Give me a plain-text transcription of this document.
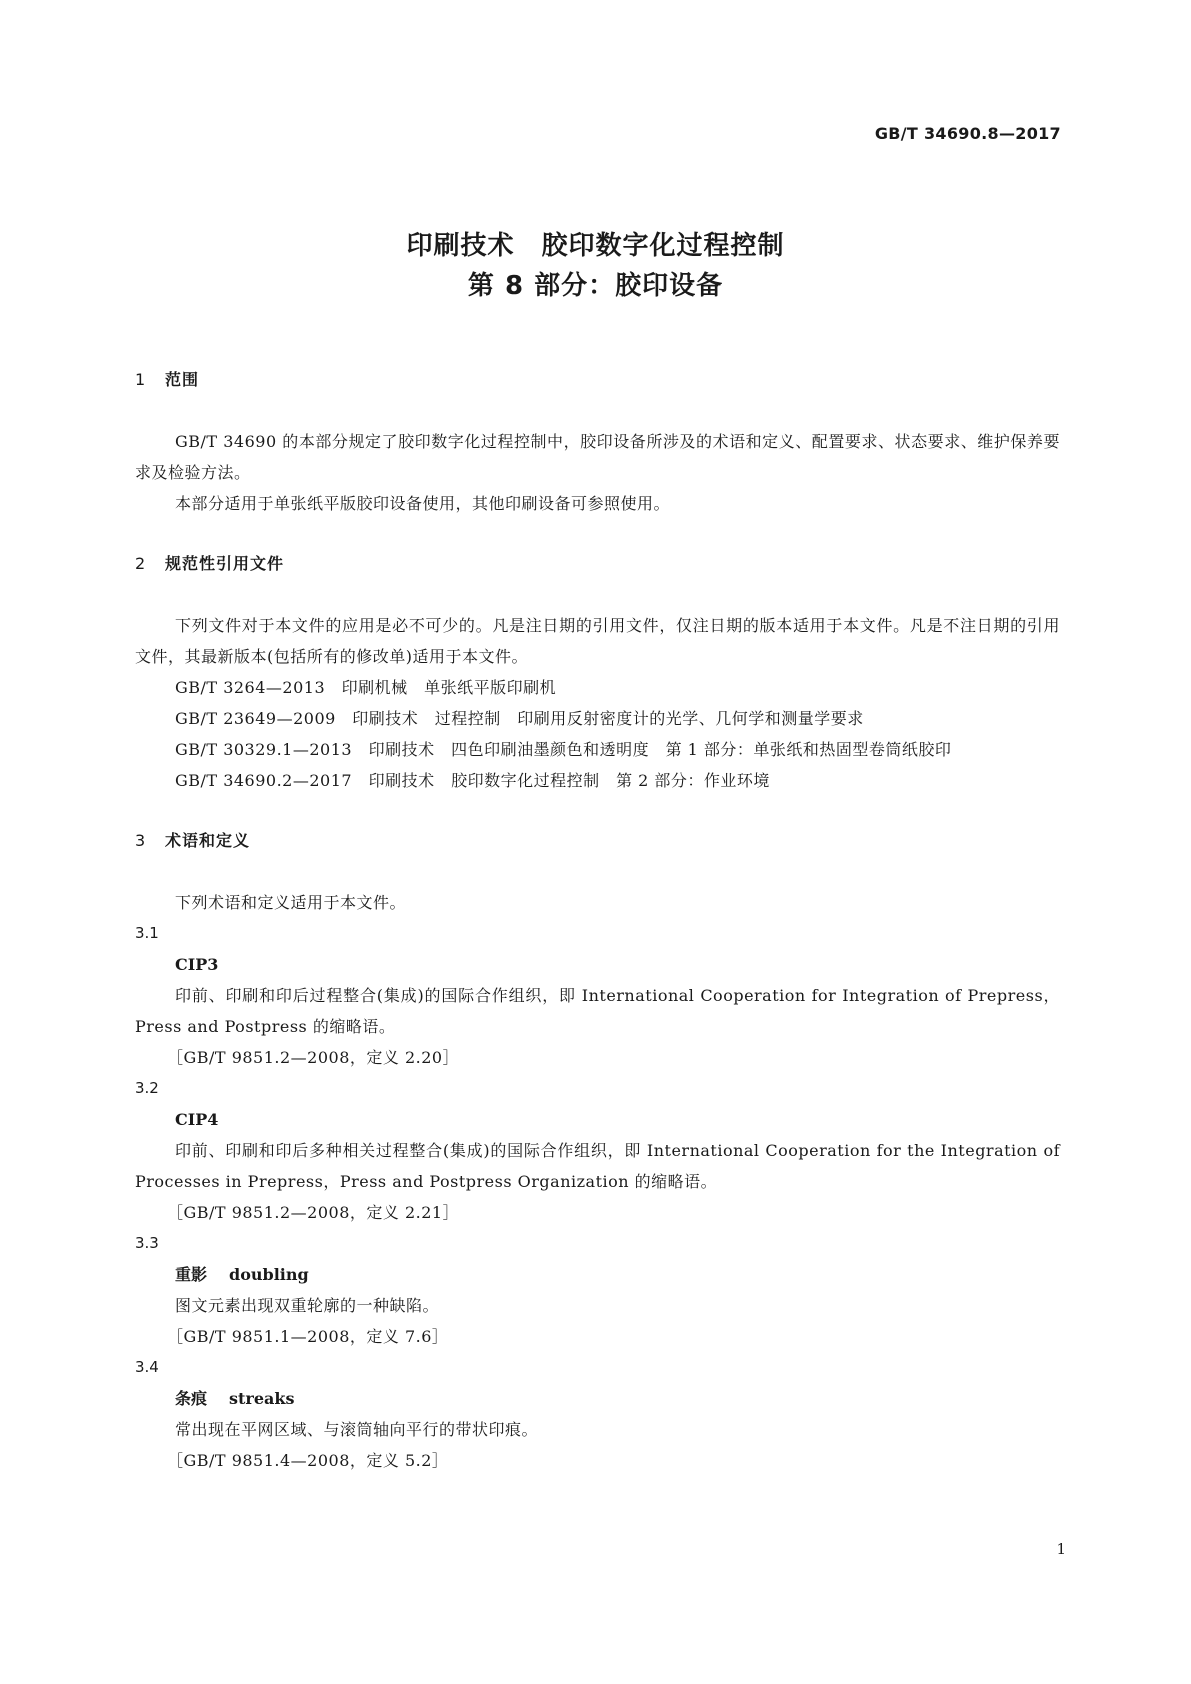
GB/T 34690.8—2017
印刷技术　胶印数字化过程控制
第 8 部分：胶印设备
1 范围

GB/T 34690 的本部分规定了胶印数字化过程控制中，胶印设备所涉及的术语和定义、配置要求、状态要求、维护保养要求及检验方法。

本部分适用于单张纸平版胶印设备使用，其他印刷设备可参照使用。

2 规范性引用文件

下列文件对于本文件的应用是必不可少的。凡是注日期的引用文件，仅注日期的版本适用于本文件。凡是不注日期的引用文件，其最新版本(包括所有的修改单)适用于本文件。

GB/T 3264—2013　印刷机械　单张纸平版印刷机

GB/T 23649—2009　印刷技术　过程控制　印刷用反射密度计的光学、几何学和测量学要求

GB/T 30329.1—2013　印刷技术　四色印刷油墨颜色和透明度　第 1 部分：单张纸和热固型卷筒纸胶印

GB/T 34690.2—2017　印刷技术　胶印数字化过程控制　第 2 部分：作业环境

3 术语和定义

下列术语和定义适用于本文件。

3.1
CIP3

印前、印刷和印后过程整合(集成)的国际合作组织，即 International Cooperation for Integration of Prepress，Press and Postpress 的缩略语。

［GB/T 9851.2—2008，定义 2.20］

3.2
CIP4

印前、印刷和印后多种相关过程整合(集成)的国际合作组织，即 International Cooperation for the Integration of Processes in Prepress，Press and Postpress Organization 的缩略语。

［GB/T 9851.2—2008，定义 2.21］

3.3
重影 doubling

图文元素出现双重轮廓的一种缺陷。

［GB/T 9851.1—2008，定义 7.6］

3.4
条痕 streaks

常出现在平网区域、与滚筒轴向平行的带状印痕。

［GB/T 9851.4—2008，定义 5.2］

1
